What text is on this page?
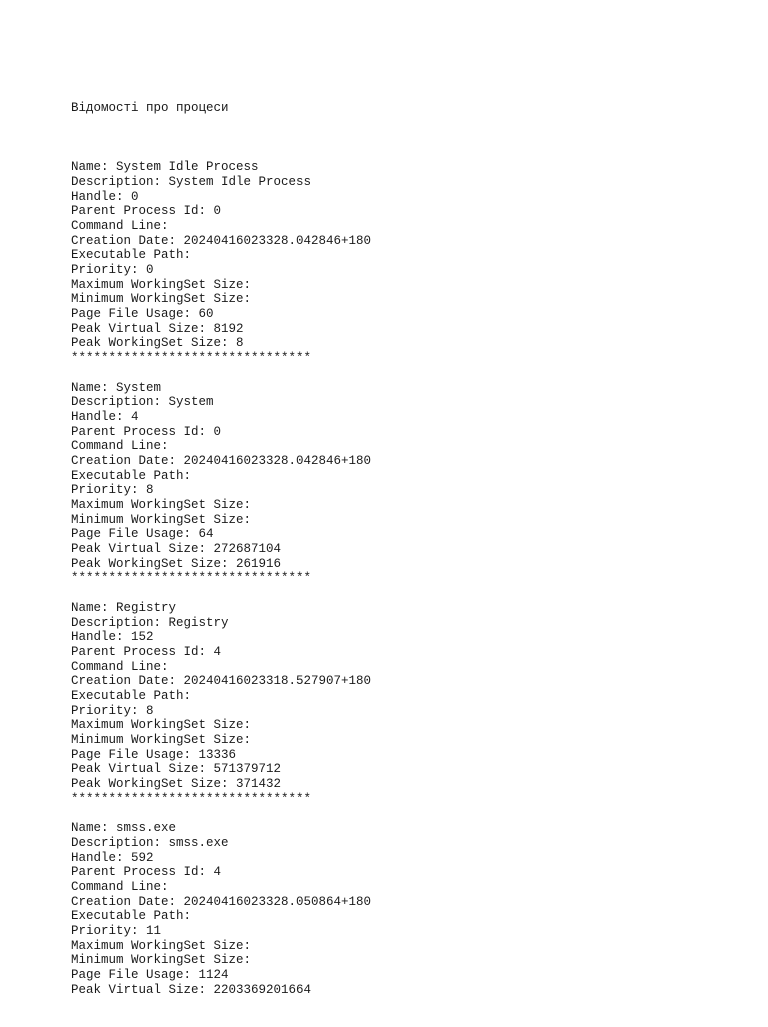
Відомості про процеси

Name: System Idle Process
Description: System Idle Process
Handle: 0
Parent Process Id: 0
Command Line:
Creation Date: 20240416023328.042846+180
Executable Path:
Priority: 0
Maximum WorkingSet Size:
Minimum WorkingSet Size:
Page File Usage: 60
Peak Virtual Size: 8192
Peak WorkingSet Size: 8
********************************
Name: System
Description: System
Handle: 4
Parent Process Id: 0
Command Line:
Creation Date: 20240416023328.042846+180
Executable Path:
Priority: 8
Maximum WorkingSet Size:
Minimum WorkingSet Size:
Page File Usage: 64
Peak Virtual Size: 272687104
Peak WorkingSet Size: 261916
********************************
Name: Registry
Description: Registry
Handle: 152
Parent Process Id: 4
Command Line:
Creation Date: 20240416023318.527907+180
Executable Path:
Priority: 8
Maximum WorkingSet Size:
Minimum WorkingSet Size:
Page File Usage: 13336
Peak Virtual Size: 571379712
Peak WorkingSet Size: 371432
********************************
Name: smss.exe
Description: smss.exe
Handle: 592
Parent Process Id: 4
Command Line:
Creation Date: 20240416023328.050864+180
Executable Path:
Priority: 11
Maximum WorkingSet Size:
Minimum WorkingSet Size:
Page File Usage: 1124
Peak Virtual Size: 2203369201664
